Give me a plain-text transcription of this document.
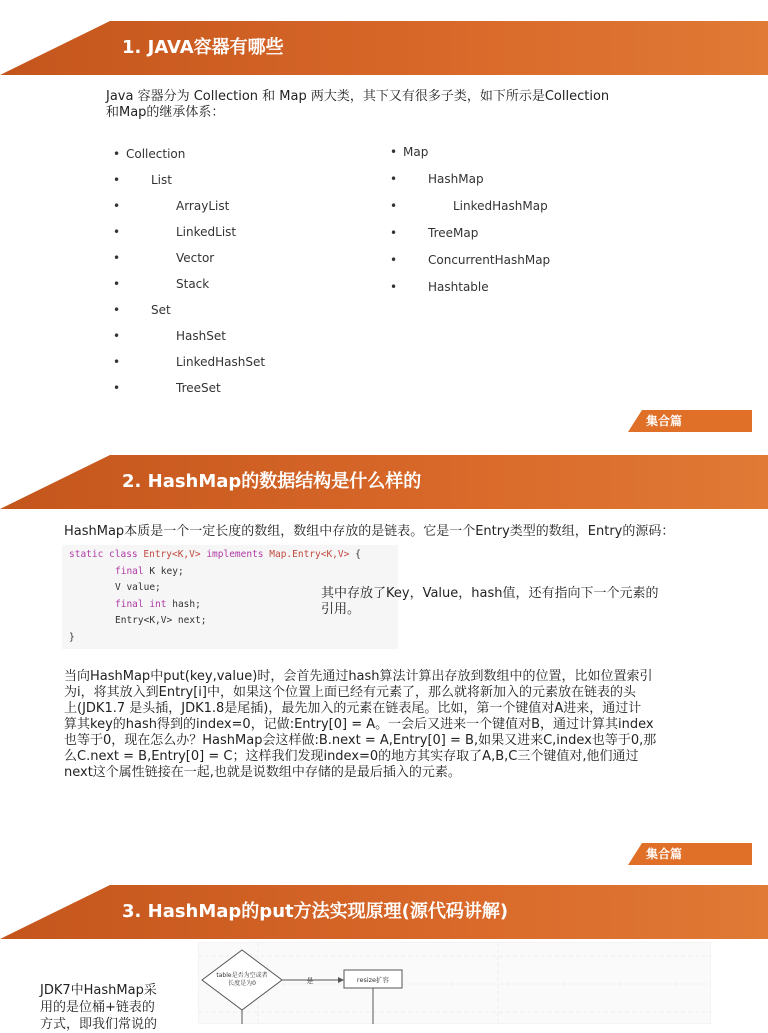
1. JAVA容器有哪些
Java 容器分为 Collection 和 Map 两大类，其下又有很多子类，如下所示是Collection
和Map的继承体系：
• Collection
• List
• ArrayList
• LinkedList
• Vector
• Stack
• Set
• HashSet
• LinkedHashSet
• TreeSet
• Map
• HashMap
• LinkedHashMap
• TreeMap
• ConcurrentHashMap
• Hashtable
集合篇
2. HashMap的数据结构是什么样的
HashMap本质是一个一定长度的数组，数组中存放的是链表。它是一个Entry类型的数组，Entry的源码：
static class Entry<K,V> implements Map.Entry<K,V> {
final K key;
V value;
final int hash;
Entry<K,V> next;
}
其中存放了Key，Value，hash值，还有指向下一个元素的
引用。
当向HashMap中put(key,value)时，会首先通过hash算法计算出存放到数组中的位置，比如位置索引
为i，将其放入到Entry[i]中，如果这个位置上面已经有元素了，那么就将新加入的元素放在链表的头
上(JDK1.7 是头插，JDK1.8是尾插)，最先加入的元素在链表尾。比如，第一个键值对A进来，通过计
算其key的hash得到的index=0，记做:Entry[0] = A。一会后又进来一个键值对B，通过计算其index
也等于0，现在怎么办？HashMap会这样做:B.next = A,Entry[0] = B,如果又进来C,index也等于0,那
么C.next = B,Entry[0] = C；这样我们发现index=0的地方其实存取了A,B,C三个键值对,他们通过
next这个属性链接在一起,也就是说数组中存储的是最后插入的元素。
集合篇
3. HashMap的put方法实现原理(源代码讲解)
JDK7中HashMap采
用的是位桶+链表的
方式，即我们常说的
table是否为空或者
长度是为0	是	resize扩容
